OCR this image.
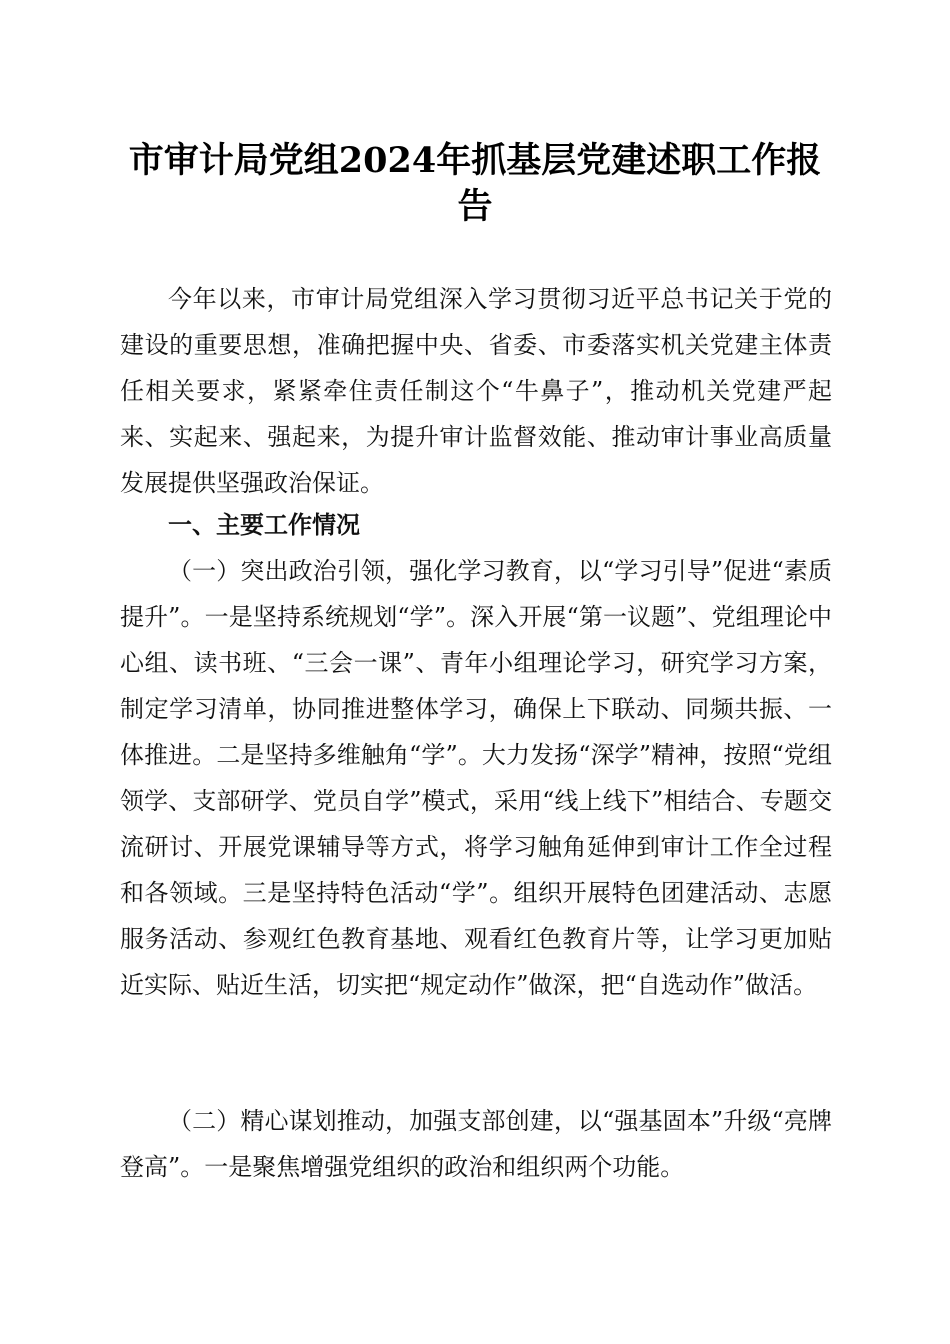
市审计局党组2024年抓基层党建述职工作报告

今年以来，市审计局党组深入学习贯彻习近平总书记关于党的建设的重要思想，准确把握中央、省委、市委落实机关党建主体责任相关要求，紧紧牵住责任制这个“牛鼻子”，推动机关党建严起来、实起来、强起来，为提升审计监督效能、推动审计事业高质量发展提供坚强政治保证。

一、主要工作情况

（一）突出政治引领，强化学习教育，以“学习引导”促进“素质提升”。一是坚持系统规划“学”。深入开展“第一议题”、党组理论中心组、读书班、“三会一课”、青年小组理论学习，研究学习方案，制定学习清单，协同推进整体学习，确保上下联动、同频共振、一体推进。二是坚持多维触角“学”。大力发扬“深学”精神，按照“党组领学、支部研学、党员自学”模式，采用“线上线下”相结合、专题交流研讨、开展党课辅导等方式，将学习触角延伸到审计工作全过程和各领域。三是坚持特色活动“学”。组织开展特色团建活动、志愿服务活动、参观红色教育基地、观看红色教育片等，让学习更加贴近实际、贴近生活，切实把“规定动作”做深，把“自选动作”做活。

（二）精心谋划推动，加强支部创建，以“强基固本”升级“亮牌登高”。一是聚焦增强党组织的政治和组织两个功能。
